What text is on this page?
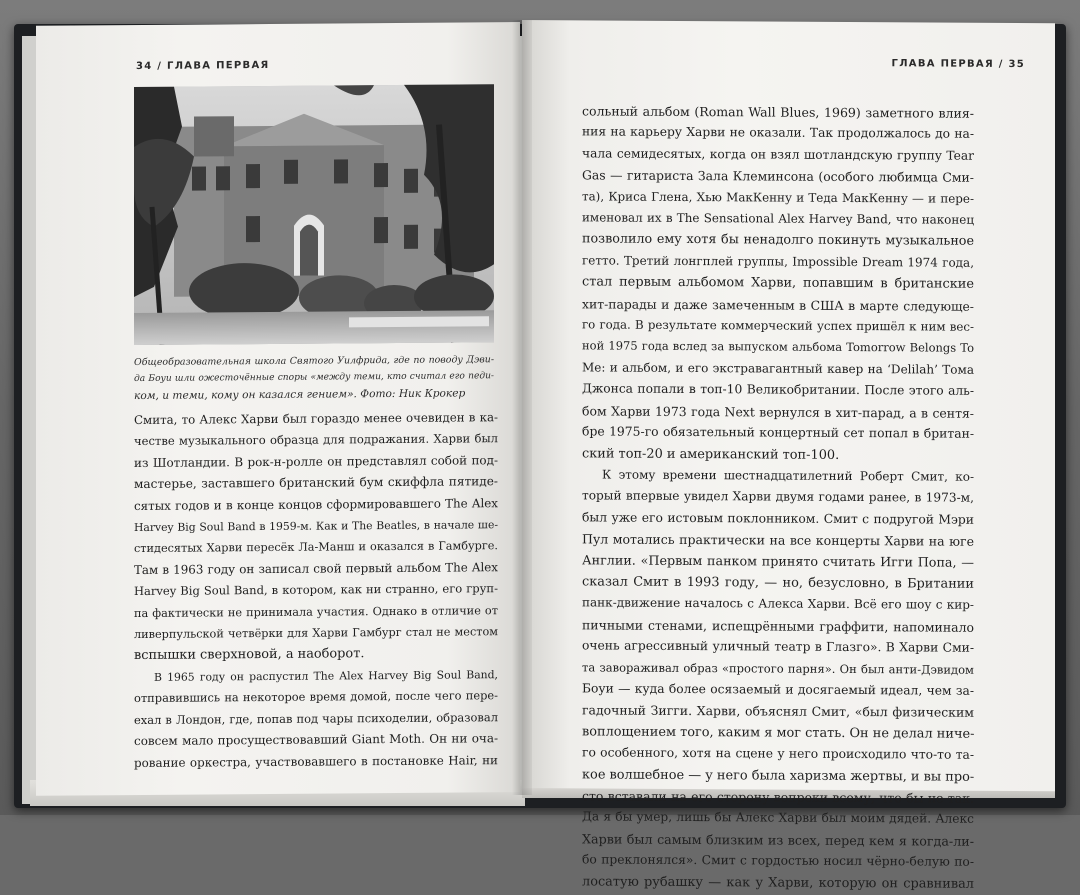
34 / ГЛАВА ПЕРВАЯ
Общеобразовательная школа Святого Уилфрида, где по поводу Дэви-
да Боуи шли ожесточённые споры «между теми, кто считал его педи-
ком, и теми, кому он казался гением». Фото: Ник Крокер
Смита, то Алекс Харви был гораздо менее очевиден в ка-
честве музыкального образца для подражания. Харви был
из Шотландии. В рок-н-ролле он представлял собой под-
мастерье, заставшего британский бум скиффла пятиде-
сятых годов и в конце концов сформировавшего The Alex
Harvey Big Soul Band в 1959-м. Как и The Beatles, в начале ше-
стидесятых Харви пересёк Ла-Манш и оказался в Гамбурге.
Там в 1963 году он записал свой первый альбом The Alex
Harvey Big Soul Band, в котором, как ни странно, его груп-
па фактически не принимала участия. Однако в отличие от
ливерпульской четвёрки для Харви Гамбург стал не местом
вспышки сверхновой, а наоборот.
В 1965 году он распустил The Alex Harvey Big Soul Band,
отправившись на некоторое время домой, после чего пере-
ехал в Лондон, где, попав под чары психоделии, образовал
совсем мало просуществовавший Giant Moth. Он ни оча-
рование оркестра, участвовавшего в постановке Hair, ни
ГЛАВА ПЕРВАЯ / 35
сольный альбом (Roman Wall Blues, 1969) заметного влия-
ния на карьеру Харви не оказали. Так продолжалось до на-
чала семидесятых, когда он взял шотландскую группу Tear
Gas — гитариста Зала Клеминсона (особого любимца Сми-
та), Криса Глена, Хью МакКенну и Теда МакКенну — и пере-
именовал их в The Sensational Alex Harvey Band, что наконец
позволило ему хотя бы ненадолго покинуть музыкальное
гетто. Третий лонгплей группы, Impossible Dream 1974 года,
стал первым альбомом Харви, попавшим в британские
хит-парады и даже замеченным в США в марте следующе-
го года. В результате коммерческий успех пришёл к ним вес-
ной 1975 года вслед за выпуском альбома Tomorrow Belongs To
Me: и альбом, и его экстравагантный кавер на ‘Delilah’ Тома
Джонса попали в топ-10 Великобритании. После этого аль-
бом Харви 1973 года Next вернулся в хит-парад, а в сентя-
бре 1975-го обязательный концертный сет попал в британ-
ский топ-20 и американский топ-100.
К этому времени шестнадцатилетний Роберт Смит, ко-
торый впервые увидел Харви двумя годами ранее, в 1973-м,
был уже его истовым поклонником. Смит с подругой Мэри
Пул мотались практически на все концерты Харви на юге
Англии. «Первым панком принято считать Игги Попа, —
сказал Смит в 1993 году, — но, безусловно, в Британии
панк-движение началось с Алекса Харви. Всё его шоу с кир-
пичными стенами, испещрёнными граффити, напоминало
очень агрессивный уличный театр в Глазго». В Харви Сми-
та завораживал образ «простого парня». Он был анти-Дэвидом
Боуи — куда более осязаемый и досягаемый идеал, чем за-
гадочный Зигги. Харви, объяснял Смит, «был физическим
воплощением того, каким я мог стать. Он не делал ниче-
го особенного, хотя на сцене у него происходило что-то та-
кое волшебное — у него была харизма жертвы, и вы про-
сто вставали на его сторону вопреки всему, что бы не так.
Да я бы умер, лишь бы Алекс Харви был моим дядей. Алекс
Харви был самым близким из всех, перед кем я когда-ли-
бо преклонялся». Смит с гордостью носил чёрно-белую по-
лосатую рубашку — как у Харви, которую он сравнивал
